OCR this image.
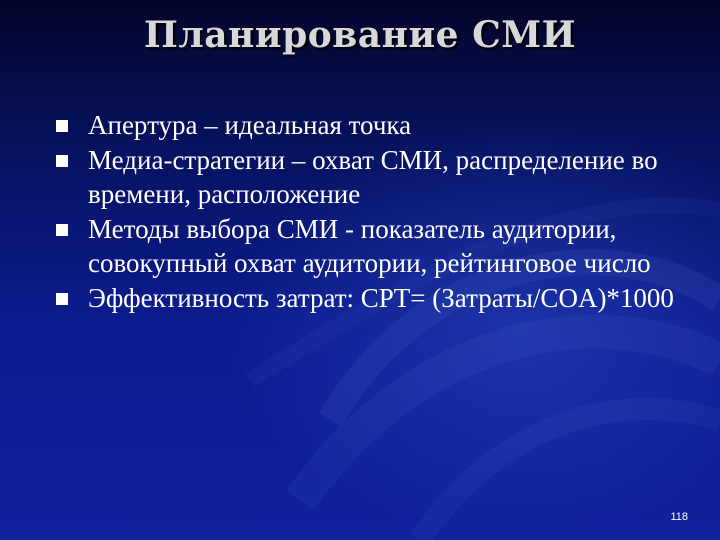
Планирование СМИ
Апертура – идеальная точка
Медиа-стратегии – охват СМИ, распределение во времени, расположение
Методы выбора СМИ - показатель аудитории, совокупный охват аудитории, рейтинговое число
Эффективность затрат: CPT= (Затраты/COA)*1000
118
